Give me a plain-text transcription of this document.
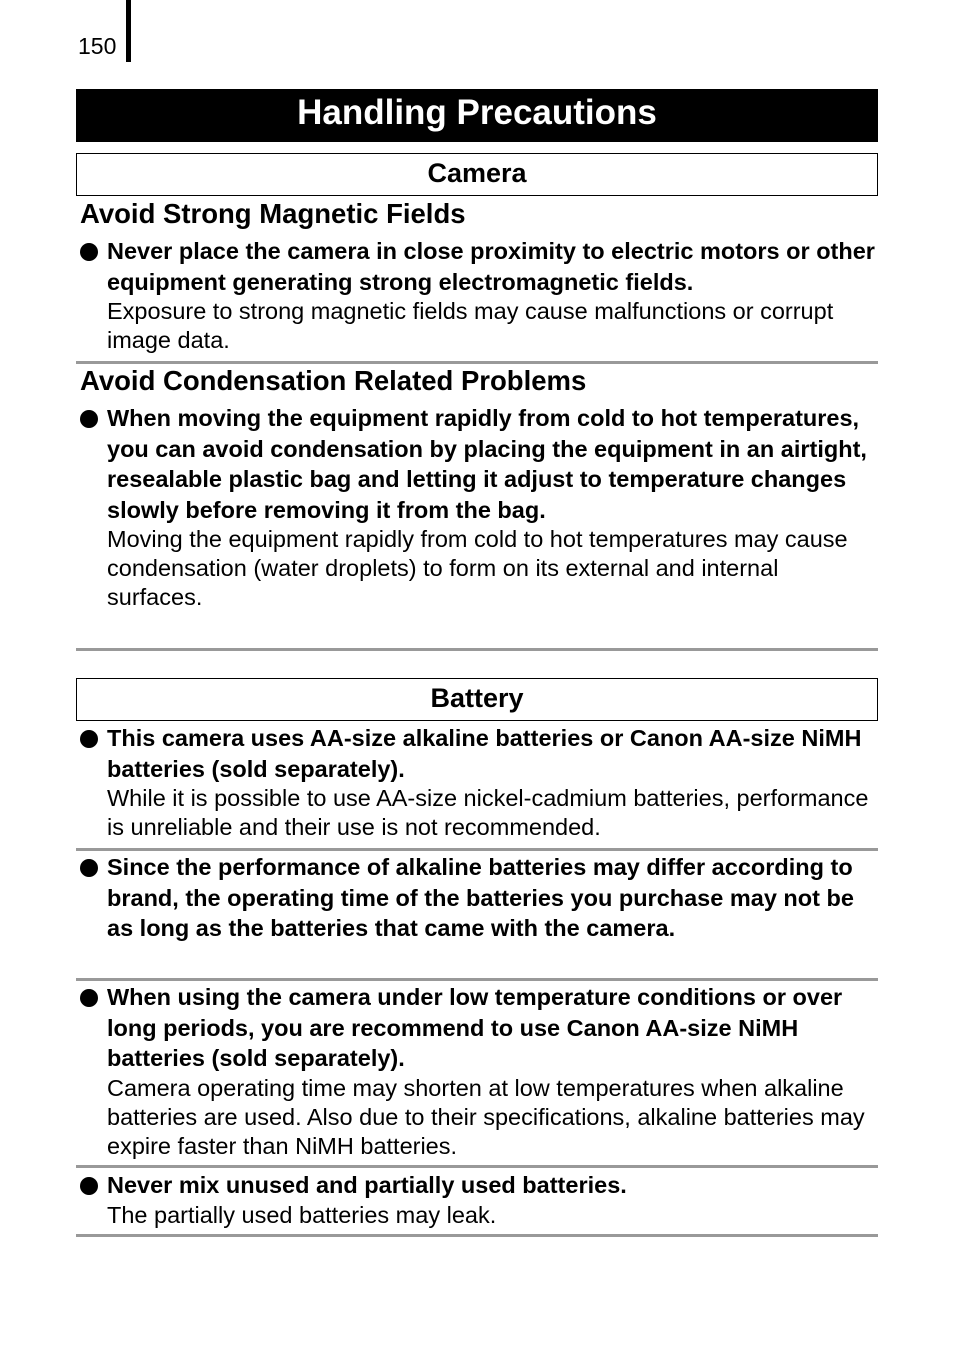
150
Handling Precautions
Camera
Avoid Strong Magnetic Fields
Never place the camera in close proximity to electric motors or other equipment generating strong electromagnetic fields.
Exposure to strong magnetic fields may cause malfunctions or corrupt image data.
Avoid Condensation Related Problems
When moving the equipment rapidly from cold to hot temperatures, you can avoid condensation by placing the equipment in an airtight, resealable plastic bag and letting it adjust to temperature changes slowly before removing it from the bag.
Moving the equipment rapidly from cold to hot temperatures may cause condensation (water droplets) to form on its external and internal surfaces.
Battery
This camera uses AA-size alkaline batteries or Canon AA-size NiMH batteries (sold separately).
While it is possible to use AA-size nickel-cadmium batteries, performance is unreliable and their use is not recommended.
Since the performance of alkaline batteries may differ according to brand, the operating time of the batteries you purchase may not be as long as the batteries that came with the camera.
When using the camera under low temperature conditions or over long periods, you are recommend to use Canon AA-size NiMH batteries (sold separately).
Camera operating time may shorten at low temperatures when alkaline batteries are used. Also due to their specifications, alkaline batteries may expire faster than NiMH batteries.
Never mix unused and partially used batteries.
The partially used batteries may leak.
